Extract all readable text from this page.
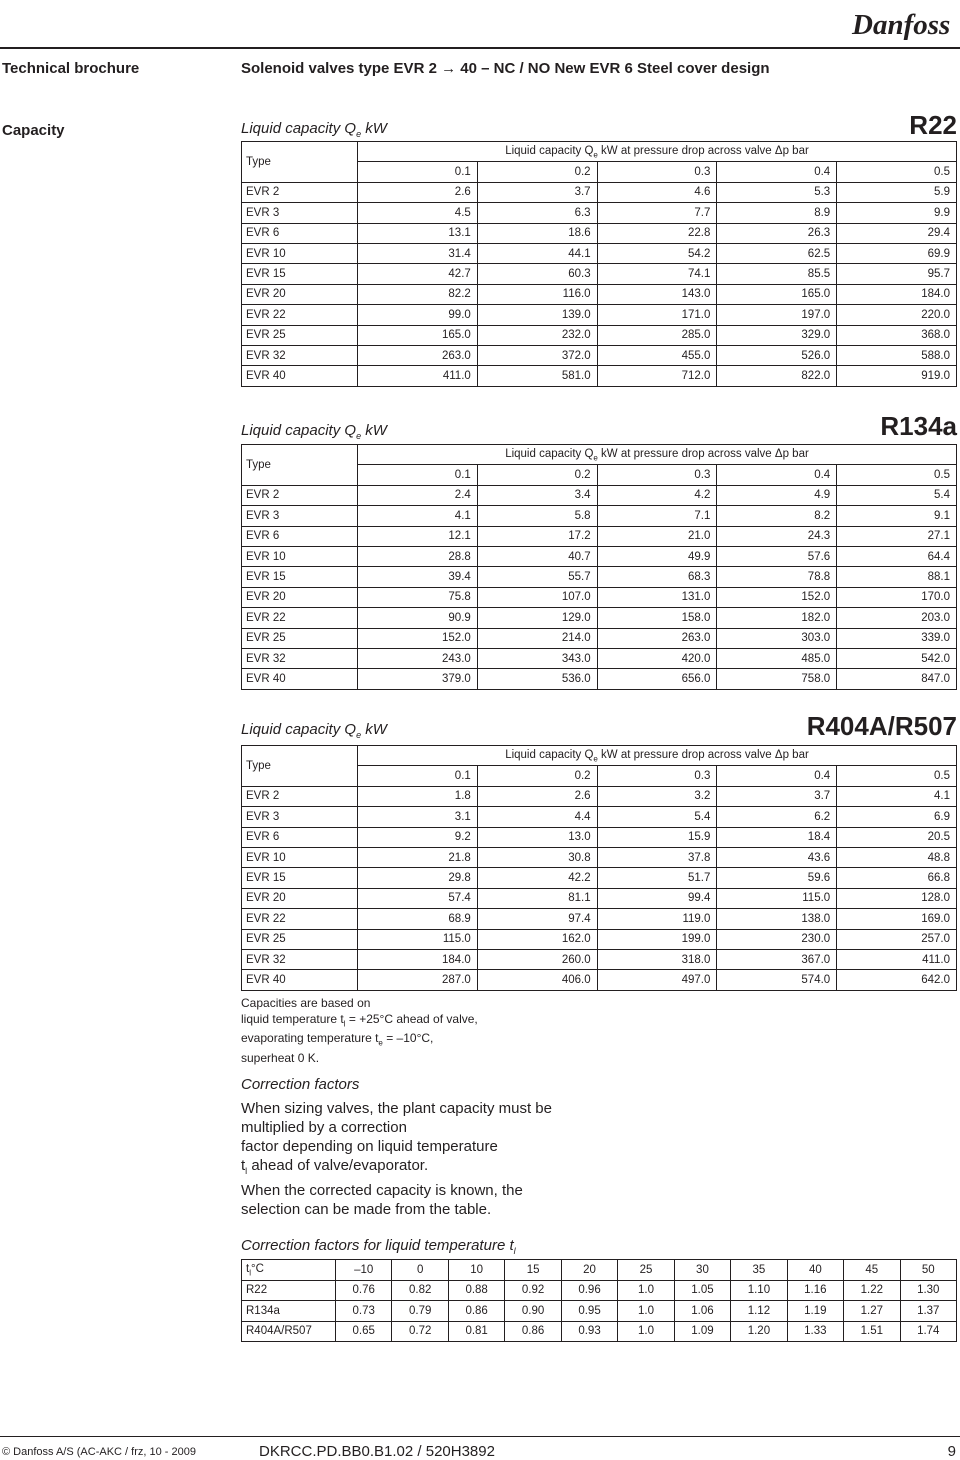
Danfoss
Technical brochure	Solenoid valves type EVR 2 → 40 – NC / NO New EVR 6 Steel cover design
Capacity	Liquid capacity $Q_e$ kW	R22
Liquid capacity $Q_e$ kW	R134a
Liquid capacity $Q_e$ kW	R404A/R507
Type	Liquid capacity $Q_e$ kW at pressure drop across valve Δp bar				
	0.1	0.2	0.3	0.4	0.5
EVR 2	2.6	3.7	4.6	5.3	5.9
EVR 3	4.5	6.3	7.7	8.9	9.9
EVR 6	13.1	18.6	22.8	26.3	29.4
EVR 10	31.4	44.1	54.2	62.5	69.9
EVR 15	42.7	60.3	74.1	85.5	95.7
EVR 20	82.2	116.0	143.0	165.0	184.0
EVR 22	99.0	139.0	171.0	197.0	220.0
EVR 25	165.0	232.0	285.0	329.0	368.0
EVR 32	263.0	372.0	455.0	526.0	588.0
EVR 40	411.0	581.0	712.0	822.0	919.0
Type	Liquid capacity $Q_e$ kW at pressure drop across valve Δp bar				
	0.1	0.2	0.3	0.4	0.5
EVR 2	2.4	3.4	4.2	4.9	5.4
EVR 3	4.1	5.8	7.1	8.2	9.1
EVR 6	12.1	17.2	21.0	24.3	27.1
EVR 10	28.8	40.7	49.9	57.6	64.4
EVR 15	39.4	55.7	68.3	78.8	88.1
EVR 20	75.8	107.0	131.0	152.0	170.0
EVR 22	90.9	129.0	158.0	182.0	203.0
EVR 25	152.0	214.0	263.0	303.0	339.0
EVR 32	243.0	343.0	420.0	485.0	542.0
EVR 40	379.0	536.0	656.0	758.0	847.0
Type	Liquid capacity $Q_e$ kW at pressure drop across valve Δp bar				
	0.1	0.2	0.3	0.4	0.5
EVR 2	1.8	2.6	3.2	3.7	4.1
EVR 3	3.1	4.4	5.4	6.2	6.9
EVR 6	9.2	13.0	15.9	18.4	20.5
EVR 10	21.8	30.8	37.8	43.6	48.8
EVR 15	29.8	42.2	51.7	59.6	66.8
EVR 20	57.4	81.1	99.4	115.0	128.0
EVR 22	68.9	97.4	119.0	138.0	169.0
EVR 25	115.0	162.0	199.0	230.0	257.0
EVR 32	184.0	260.0	318.0	367.0	411.0
EVR 40	287.0	406.0	497.0	574.0	642.0
Capacities are based on
liquid temperature $t_l = +25^\circ C$ ahead of valve,
evaporating temperature $t_e = -10^\circ C$,
superheat 0 K.
Correction factors
When sizing valves, the plant capacity must be
multiplied by a correction
factor depending on liquid temperature
$t_l$ ahead of valve/evaporator.
When the corrected capacity is known, the
selection can be made from the table.
Correction factors for liquid temperature $t_l$
$t_l^\circ C$	–10	0	10	15	20	25	30	35	40	45	50
R22	0.76	0.82	0.88	0.92	0.96	1.0	1.05	1.10	1.16	1.22	1.30
R134a	0.73	0.79	0.86	0.90	0.95	1.0	1.06	1.12	1.19	1.27	1.37
R404A/R507	0.65	0.72	0.81	0.86	0.93	1.0	1.09	1.20	1.33	1.51	1.74
© Danfoss A/S (AC-AKC / frz, 10 - 2009	DKRCC.PD.BB0.B1.02 / 520H3892	9
